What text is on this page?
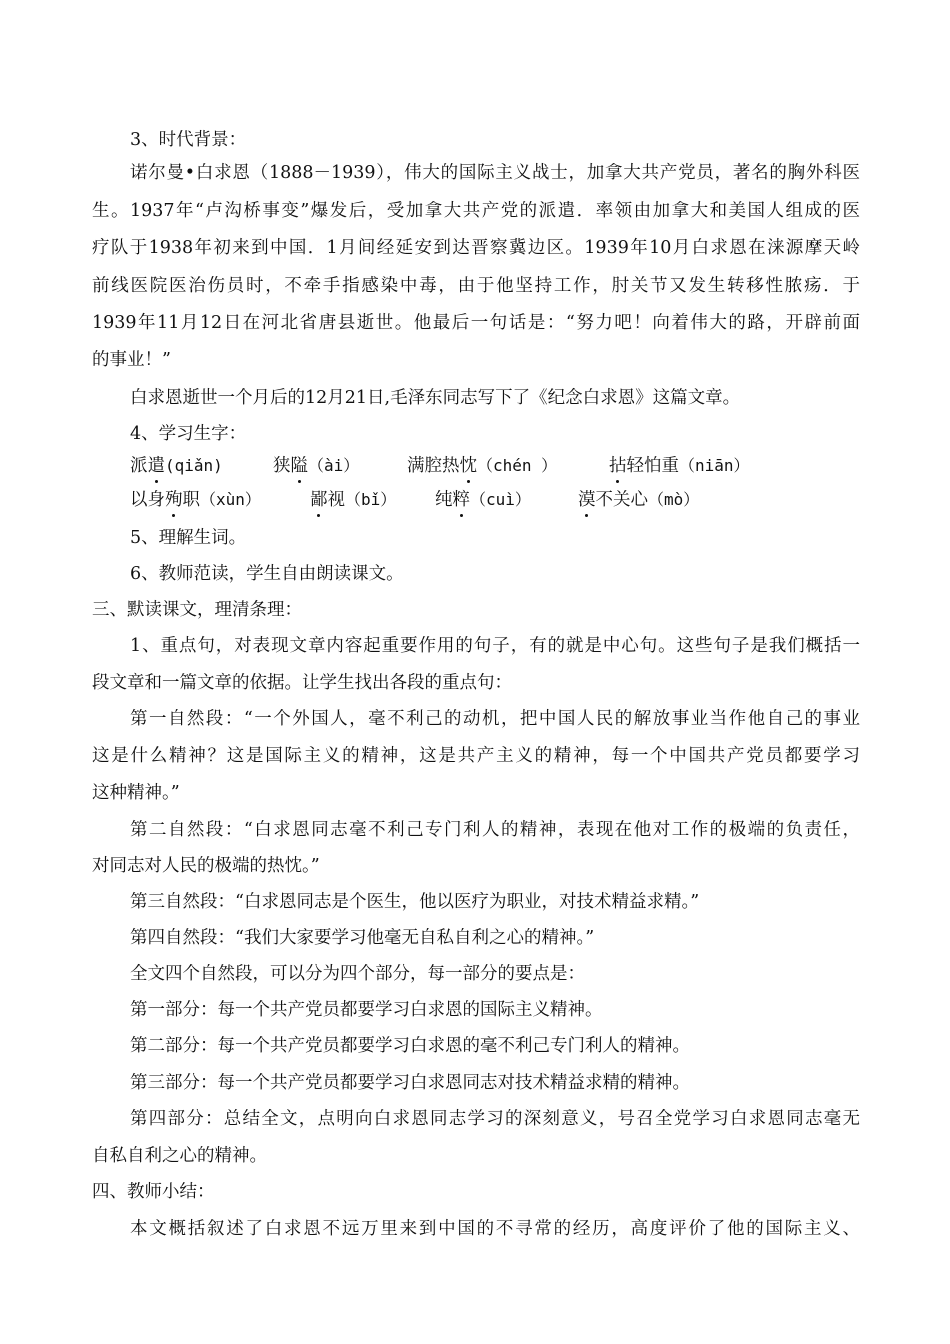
3、时代背景：
诺尔曼•白求恩（1888－1939），伟大的国际主义战士，加拿大共产党员，著名的胸外科医
生。1937年“卢沟桥事变”爆发后，受加拿大共产党的派遣．率领由加拿大和美国人组成的医
疗队于1938年初来到中国．1月间经延安到达晋察冀边区。1939年10月白求恩在涞源摩天岭
前线医院医治伤员时，不牵手指感染中毒，由于他坚持工作，肘关节又发生转移性脓疡．于
1939年11月12日在河北省唐县逝世。他最后一句话是：“努力吧！向着伟大的路，开辟前面
的事业！”
白求恩逝世一个月后的12月21日,毛泽东同志写下了《纪念白求恩》这篇文章。
4、学习生字：
派遣(qiǎn)	狭隘（ài）	满腔热忱（chén ）	拈轻怕重（niān）
以身殉职（xùn）	鄙视（bǐ） 纯粹（cuì）	漠不关心（mò）
5、理解生词。
6、教师范读，学生自由朗读课文。
三、默读课文，理清条理：
1、重点句，对表现文章内容起重要作用的句子，有的就是中心句。这些句子是我们概括一
段文章和一篇文章的依据。让学生找出各段的重点句：
第一自然段：“一个外国人，毫不利己的动机，把中国人民的解放事业当作他自己的事业
这是什么精神？这是国际主义的精神，这是共产主义的精神，每一个中国共产党员都要学习
这种精神。”
第二自然段：“白求恩同志毫不利己专门利人的精神，表现在他对工作的极端的负责任，
对同志对人民的极端的热忱。”
第三自然段：“白求恩同志是个医生，他以医疗为职业，对技术精益求精。”
第四自然段：“我们大家要学习他毫无自私自利之心的精神。”
全文四个自然段，可以分为四个部分，每一部分的要点是：
第一部分：每一个共产党员都要学习白求恩的国际主义精神。
第二部分：每一个共产党员都要学习白求恩的毫不利己专门利人的精神。
第三部分：每一个共产党员都要学习白求恩同志对技术精益求精的精神。
第四部分：总结全文，点明向白求恩同志学习的深刻意义，号召全党学习白求恩同志毫无
自私自利之心的精神。
四、教师小结：
本文概括叙述了白求恩不远万里来到中国的不寻常的经历，高度评价了他的国际主义、
